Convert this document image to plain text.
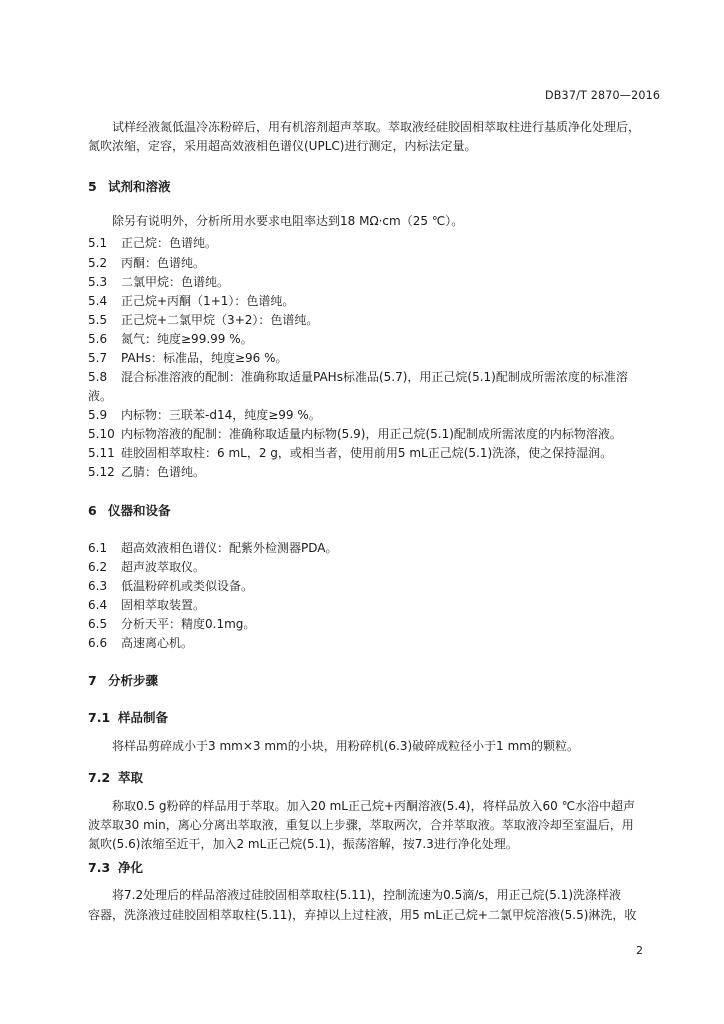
DB37/T 2870—2016
试样经液氮低温冷冻粉碎后，用有机溶剂超声萃取。萃取液经硅胶固相萃取柱进行基质净化处理后，
氮吹浓缩，定容，采用超高效液相色谱仪(UPLC)进行测定，内标法定量。
5 试剂和溶液
除另有说明外，分析所用水要求电阻率达到18 MΩ·cm（25 ℃）。
5.1 正己烷：色谱纯。
5.2 丙酮：色谱纯。
5.3 二氯甲烷：色谱纯。
5.4 正己烷+丙酮（1+1）：色谱纯。
5.5 正己烷+二氯甲烷（3+2）：色谱纯。
5.6 氮气：纯度≥99.99 %。
5.7 PAHs：标准品，纯度≥96 %。
5.8 混合标准溶液的配制：准确称取适量PAHs标准品(5.7)，用正己烷(5.1)配制成所需浓度的标准溶
液。
5.9 内标物：三联苯-d14，纯度≥99 %。
5.10 内标物溶液的配制：准确称取适量内标物(5.9)，用正己烷(5.1)配制成所需浓度的内标物溶液。
5.11 硅胶固相萃取柱：6 mL，2 g，或相当者，使用前用5 mL正己烷(5.1)洗涤，使之保持湿润。
5.12 乙腈：色谱纯。
6 仪器和设备
6.1 超高效液相色谱仪：配紫外检测器PDA。
6.2 超声波萃取仪。
6.3 低温粉碎机或类似设备。
6.4 固相萃取装置。
6.5 分析天平：精度0.1mg。
6.6 高速离心机。
7 分析步骤
7.1 样品制备
将样品剪碎成小于3 mm×3 mm的小块，用粉碎机(6.3)破碎成粒径小于1 mm的颗粒。
7.2 萃取
称取0.5 g粉碎的样品用于萃取。加入20 mL正己烷+丙酮溶液(5.4)，将样品放入60 ℃水浴中超声
波萃取30 min，离心分离出萃取液，重复以上步骤，萃取两次，合并萃取液。萃取液冷却至室温后，用
氮吹(5.6)浓缩至近干，加入2 mL正己烷(5.1)，振荡溶解，按7.3进行净化处理。
7.3 净化
将7.2处理后的样品溶液过硅胶固相萃取柱(5.11)，控制流速为0.5滴/s，用正己烷(5.1)洗涤样液
容器，洗涤液过硅胶固相萃取柱(5.11)，弃掉以上过柱液，用5 mL正己烷+二氯甲烷溶液(5.5)淋洗，收
2
